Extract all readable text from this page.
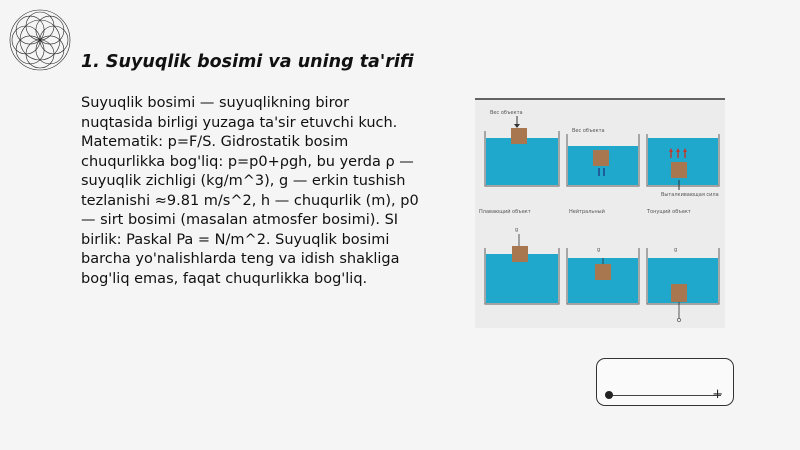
1. Suyuqlik bosimi va uning ta'rifi
Suyuqlik bosimi — suyuqlikning biror nuqtasida birligi yuzaga ta'sir etuvchi kuch. Matematik: p=F/S. Gidrostatik bosim chuqurlikka bog'liq: p=p0+ρgh, bu yerda ρ — suyuqlik zichligi (kg/m^3), g — erkin tushish tezlanishi ≈9.81 m/s^2, h — chuqurlik (m), p0 — sirt bosimi (masalan atmosfer bosimi). SI birlik: Paskal Pa = N/m^2. Suyuqlik bosimi barcha yo'nalishlarda teng va idish shakliga bog'liq emas, faqat chuqurlikka bog'liq.
Вес объекта
Вес объекта
Выталкивающая сила
Плавающий объект	Нейтральный	Тонущий объект
g
g	g
+
